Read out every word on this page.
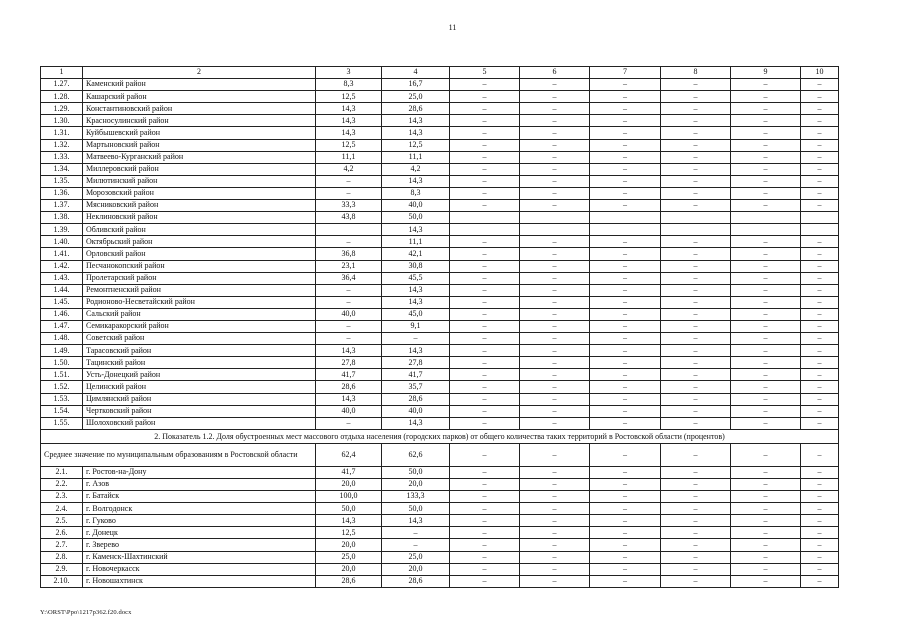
11
1	2	3	4	5	6	7	8	9	10
1.27.	Каменский район	8,3	16,7	–	–	–	–	–	–
1.28.	Кашарский район	12,5	25,0	–	–	–	–	–	–
1.29.	Константиновский район	14,3	28,6	–	–	–	–	–	–
1.30.	Красносулинский район	14,3	14,3	–	–	–	–	–	–
1.31.	Куйбышевский район	14,3	14,3	–	–	–	–	–	–
1.32.	Мартыновский район	12,5	12,5	–	–	–	–	–	–
1.33.	Матвеево-Курганский район	11,1	11,1	–	–	–	–	–	–
1.34.	Миллеровский район	4,2	4,2	–	–	–	–	–	–
1.35.	Милютинский район	–	14,3	–	–	–	–	–	–
1.36.	Морозовский район	–	8,3	–	–	–	–	–	–
1.37.	Мясниковский район	33,3	40,0	–	–	–	–	–	–
1.38.	Неклиновский район	43,8	50,0						
1.39.	Обливский район		14,3						
1.40.	Октябрьский район	–	11,1	–	–	–	–	–	–
1.41.	Орловский район	36,8	42,1	–	–	–	–	–	–
1.42.	Песчанокопский район	23,1	30,8	–	–	–	–	–	–
1.43.	Пролетарский район	36,4	45,5	–	–	–	–	–	–
1.44.	Ремонтненский район	–	14,3	–	–	–	–	–	–
1.45.	Родионово-Несветайский район	–	14,3	–	–	–	–	–	–
1.46.	Сальский район	40,0	45,0	–	–	–	–	–	–
1.47.	Семикаракорский район	–	9,1	–	–	–	–	–	–
1.48.	Советский район	–	–	–	–	–	–	–	–
1.49.	Тарасовский район	14,3	14,3	–	–	–	–	–	–
1.50.	Тацинский район	27,8	27,8	–	–	–	–	–	–
1.51.	Усть-Донецкий район	41,7	41,7	–	–	–	–	–	–
1.52.	Целинский район	28,6	35,7	–	–	–	–	–	–
1.53.	Цимлянский район	14,3	28,6	–	–	–	–	–	–
1.54.	Чертковский район	40,0	40,0	–	–	–	–	–	–
1.55.	Шолоховский район	–	14,3	–	–	–	–	–	–
2. Показатель 1.2. Доля обустроенных мест массового отдыха населения (городских парков) от общего количества таких территорий в Ростовской области (процентов)									
Среднее значение по муниципальным образованиям в Ростовской области		62,4	62,6	–	–	–	–	–	–
2.1.	г. Ростов-на-Дону	41,7	50,0	–	–	–	–	–	–
2.2.	г. Азов	20,0	20,0	–	–	–	–	–	–
2.3.	г. Батайск	100,0	133,3	–	–	–	–	–	–
2.4.	г. Волгодонск	50,0	50,0	–	–	–	–	–	–
2.5.	г. Гуково	14,3	14,3	–	–	–	–	–	–
2.6.	г. Донецк	12,5	–	–	–	–	–	–	–
2.7.	г. Зверево	20,0	–	–	–	–	–	–	–
2.8.	г. Каменск-Шахтинский	25,0	25,0	–	–	–	–	–	–
2.9.	г. Новочеркасск	20,0	20,0	–	–	–	–	–	–
2.10.	г. Новошахтинск	28,6	28,6	–	–	–	–	–	–
Y:\ORST\Ppo\1217p362.f20.docx
